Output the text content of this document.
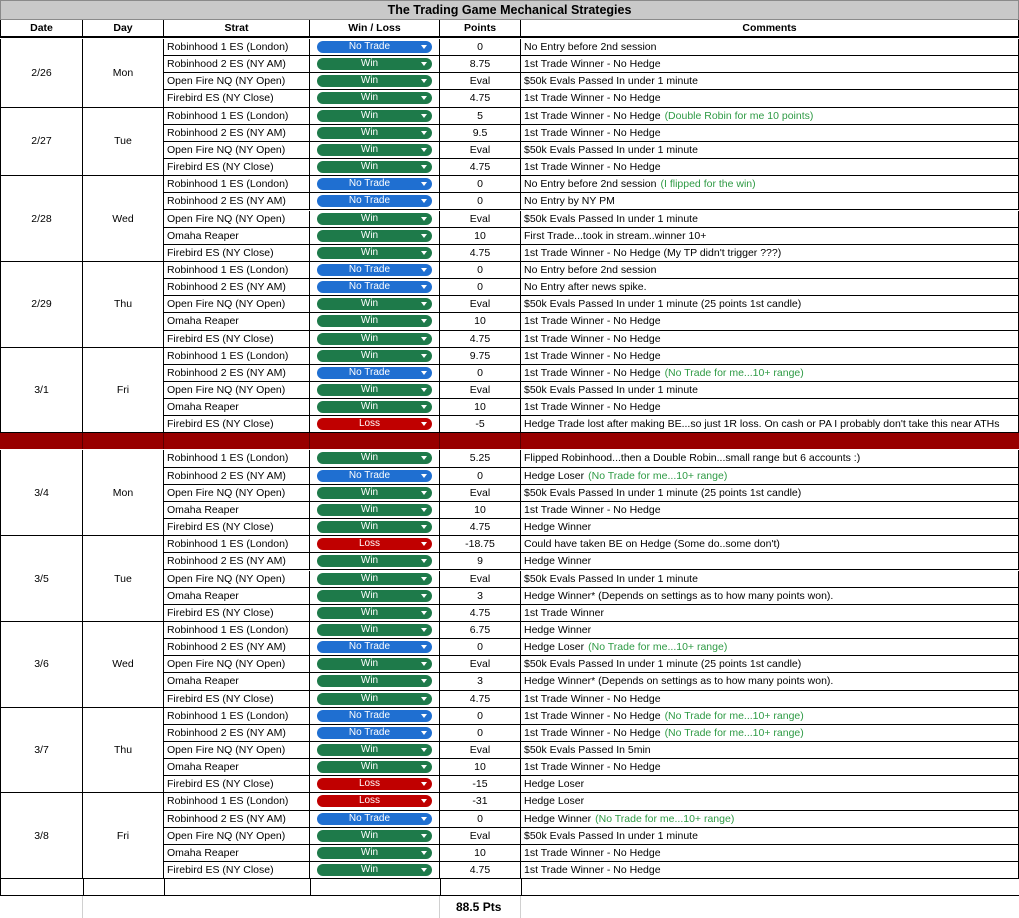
The Trading Game Mechanical Strategies
Date	Day	Strat	Win / Loss	Points	Comments
2/26	Mon
Robinhood 1 ES (London)	No Trade	0	No Entry before 2nd session
Robinhood 2 ES (NY AM)	Win	8.75	1st Trade Winner - No Hedge
Open Fire NQ (NY Open)	Win	Eval	$50k Evals Passed In under 1 minute
Firebird ES (NY Close)	Win	4.75	1st Trade Winner - No Hedge
2/27	Tue
Robinhood 1 ES (London)	Win	5	1st Trade Winner - No Hedge (Double Robin for me 10 points)
Robinhood 2 ES (NY AM)	Win	9.5	1st Trade Winner - No Hedge
Open Fire NQ (NY Open)	Win	Eval	$50k Evals Passed In under 1 minute
Firebird ES (NY Close)	Win	4.75	1st Trade Winner - No Hedge
2/28	Wed
Robinhood 1 ES (London)	No Trade	0	No Entry before 2nd session (I flipped for the win)
Robinhood 2 ES (NY AM)	No Trade	0	No Entry by NY PM
Open Fire NQ (NY Open)	Win	Eval	$50k Evals Passed In under 1 minute
Omaha Reaper	Win	10	First Trade...took in stream..winner 10+
Firebird ES (NY Close)	Win	4.75	1st Trade Winner - No Hedge (My TP didn't trigger ???)
2/29	Thu
Robinhood 1 ES (London)	No Trade	0	No Entry before 2nd session
Robinhood 2 ES (NY AM)	No Trade	0	No Entry after news spike.
Open Fire NQ (NY Open)	Win	Eval	$50k Evals Passed In under 1 minute (25 points 1st candle)
Omaha Reaper	Win	10	1st Trade Winner - No Hedge
Firebird ES (NY Close)	Win	4.75	1st Trade Winner - No Hedge
3/1	Fri
Robinhood 1 ES (London)	Win	9.75	1st Trade Winner - No Hedge
Robinhood 2 ES (NY AM)	No Trade	0	1st Trade Winner - No Hedge (No Trade for me...10+ range)
Open Fire NQ (NY Open)	Win	Eval	$50k Evals Passed In under 1 minute
Omaha Reaper	Win	10	1st Trade Winner - No Hedge
Firebird ES (NY Close)	Loss	-5	Hedge Trade lost after making BE...so just 1R loss. On cash or PA I probably don't take this near ATHs
3/4	Mon
Robinhood 1 ES (London)	Win	5.25	Flipped Robinhood...then a Double Robin...small range but 6 accounts :)
Robinhood 2 ES (NY AM)	No Trade	0	Hedge Loser (No Trade for me...10+ range)
Open Fire NQ (NY Open)	Win	Eval	$50k Evals Passed In under 1 minute (25 points 1st candle)
Omaha Reaper	Win	10	1st Trade Winner - No Hedge
Firebird ES (NY Close)	Win	4.75	Hedge Winner
3/5	Tue
Robinhood 1 ES (London)	Loss	-18.75	Could have taken BE on Hedge (Some do..some don't)
Robinhood 2 ES (NY AM)	Win	9	Hedge Winner
Open Fire NQ (NY Open)	Win	Eval	$50k Evals Passed In under 1 minute
Omaha Reaper	Win	3	Hedge Winner* (Depends on settings as to how many points won).
Firebird ES (NY Close)	Win	4.75	1st Trade Winner
3/6	Wed
Robinhood 1 ES (London)	Win	6.75	Hedge Winner
Robinhood 2 ES (NY AM)	No Trade	0	Hedge Loser (No Trade for me...10+ range)
Open Fire NQ (NY Open)	Win	Eval	$50k Evals Passed In under 1 minute (25 points 1st candle)
Omaha Reaper	Win	3	Hedge Winner* (Depends on settings as to how many points won).
Firebird ES (NY Close)	Win	4.75	1st Trade Winner - No Hedge
3/7	Thu
Robinhood 1 ES (London)	No Trade	0	1st Trade Winner - No Hedge (No Trade for me...10+ range)
Robinhood 2 ES (NY AM)	No Trade	0	1st Trade Winner - No Hedge (No Trade for me...10+ range)
Open Fire NQ (NY Open)	Win	Eval	$50k Evals Passed In 5min
Omaha Reaper	Win	10	1st Trade Winner - No Hedge
Firebird ES (NY Close)	Loss	-15	Hedge Loser
3/8	Fri
Robinhood 1 ES (London)	Loss	-31	Hedge Loser
Robinhood 2 ES (NY AM)	No Trade	0	Hedge Winner (No Trade for me...10+ range)
Open Fire NQ (NY Open)	Win	Eval	$50k Evals Passed In under 1 minute
Omaha Reaper	Win	10	1st Trade Winner - No Hedge
Firebird ES (NY Close)	Win	4.75	1st Trade Winner - No Hedge
88.5 Pts
